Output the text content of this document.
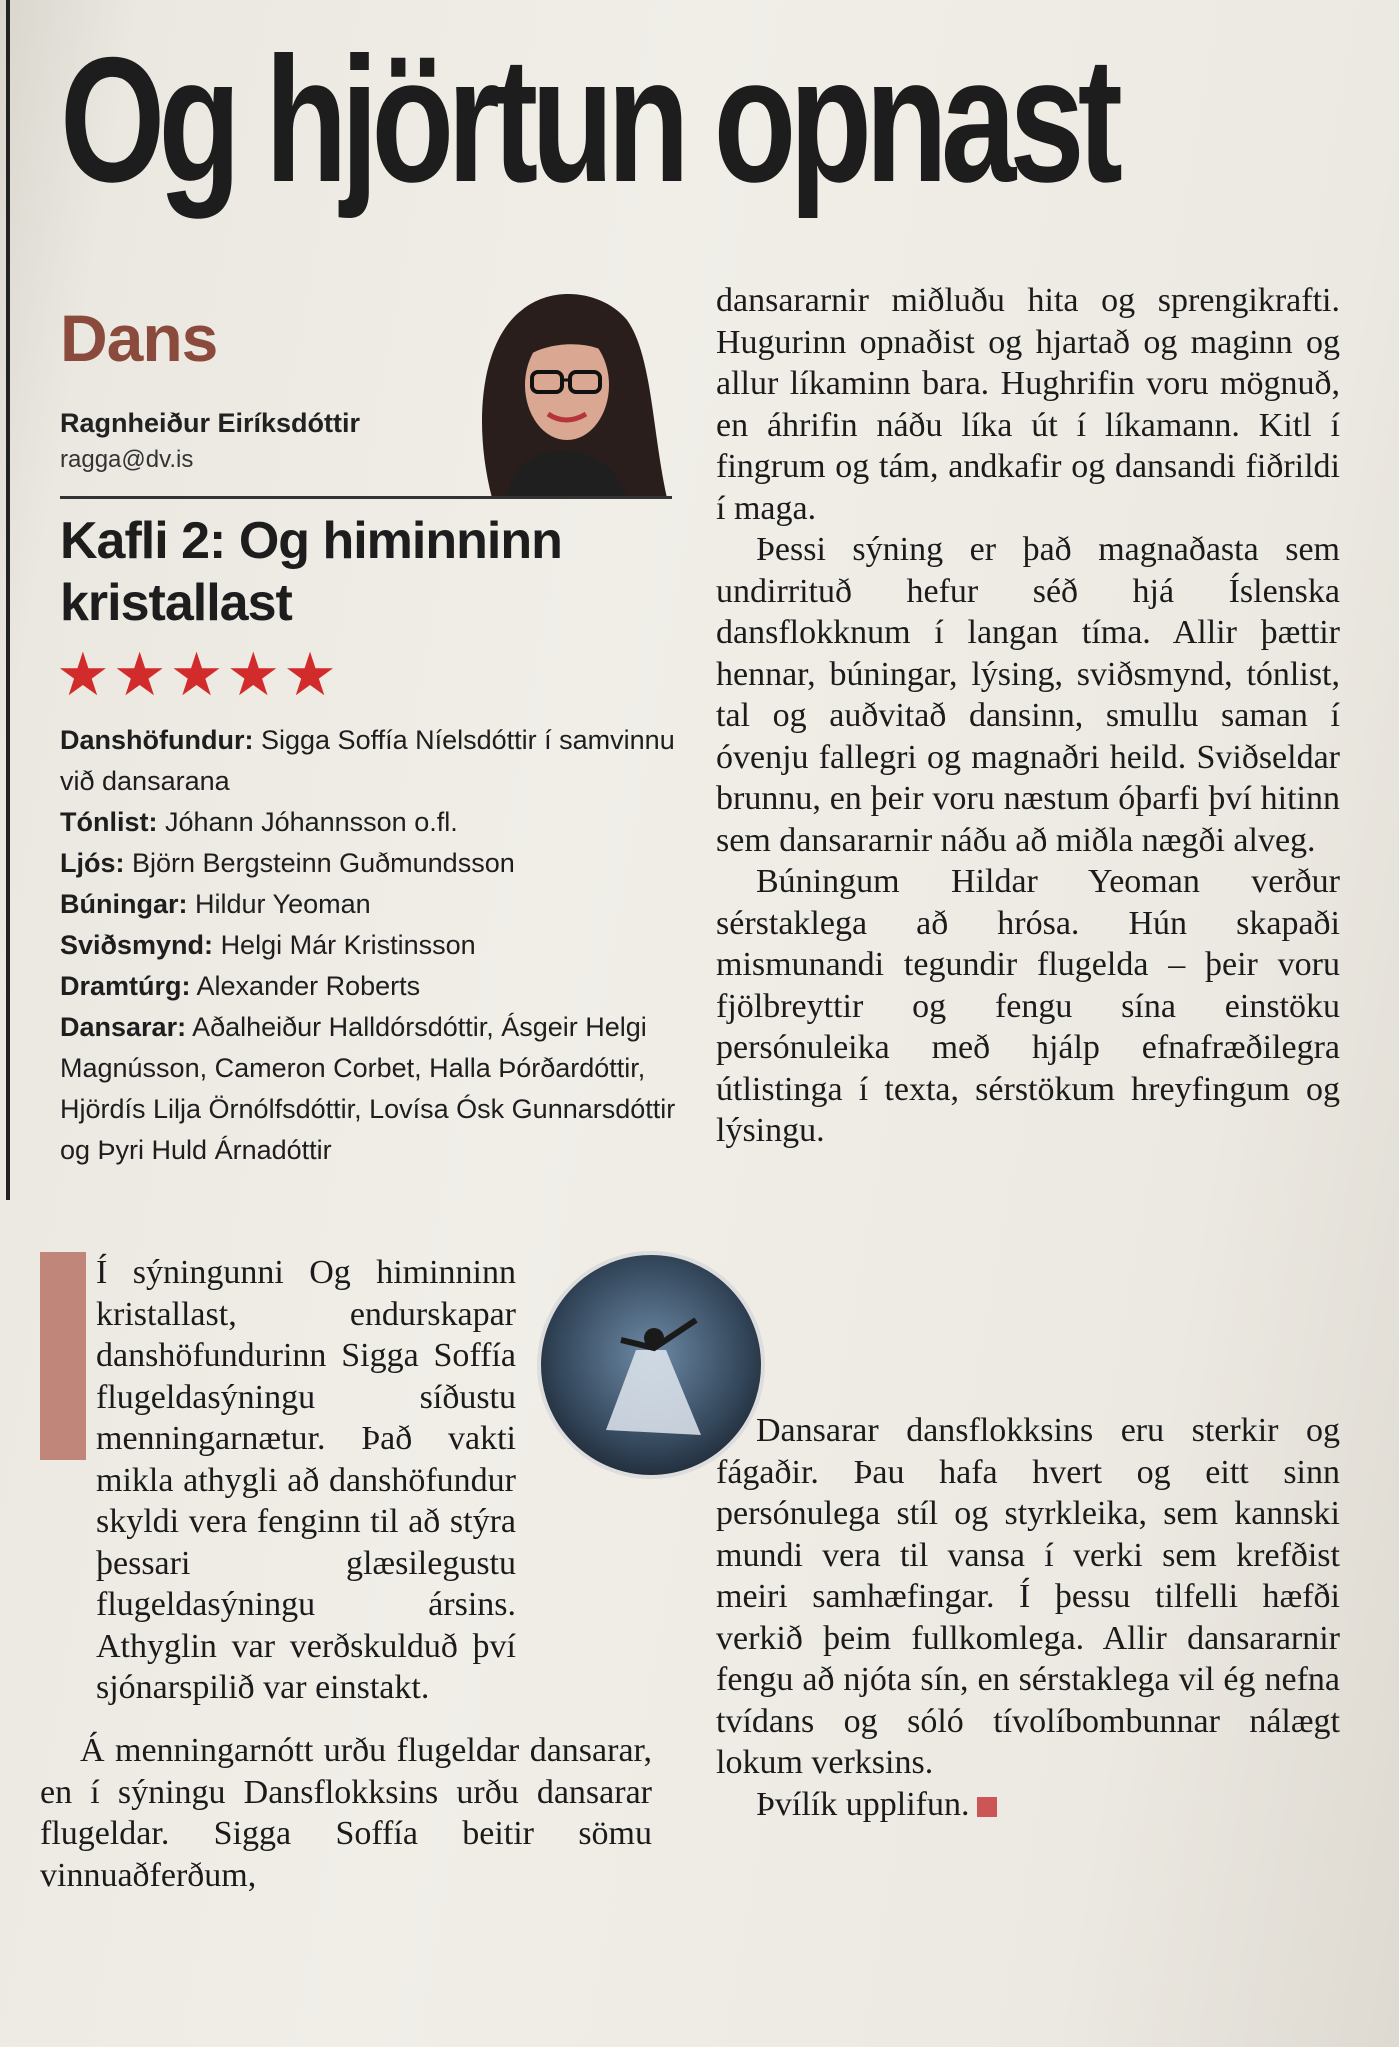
Og hjörtun opnast
Dans
Ragnheiður Eiríksdóttir
ragga@dv.is
Kafli 2: Og himinninn kristallast
★★★★★
Danshöfundur: Sigga Soffía Níelsdóttir í samvinnu við dansarana
Tónlist: Jóhann Jóhannsson o.fl.
Ljós: Björn Bergsteinn Guðmundsson
Búningar: Hildur Yeoman
Sviðsmynd: Helgi Már Kristinsson
Dramtúrg: Alexander Roberts
Dansarar: Aðalheiður Halldórsdóttir, Ásgeir Helgi Magnússon, Cameron Corbet, Halla Þórðardóttir, Hjördís Lilja Örnólfsdóttir, Lovísa Ósk Gunnarsdóttir og Þyri Huld Árnadóttir

Í sýningunni Og himinninn kristallast, endurskapar danshöfundurinn Sigga Soffía flugeldasýningu síðustu menningarnætur. Það vakti mikla athygli að danshöfundur skyldi vera fenginn til að stýra þessari glæsilegustu flugeldasýningu ársins. Athyglin var verðskulduð því sjónarspilið var einstakt.

Á menningarnótt urðu flugeldar dansarar, en í sýningu Dansflokksins urðu dansarar flugeldar. Sigga Soffía beitir sömu vinnuaðferðum,

dansararnir miðluðu hita og sprengikrafti. Hugurinn opnaðist og hjartað og maginn og allur líkaminn bara. Hughrifin voru mögnuð, en áhrifin náðu líka út í líkamann. Kitl í fingrum og tám, andkafir og dansandi fiðrildi í maga.

Þessi sýning er það magnaðasta sem undirrituð hefur séð hjá Íslenska dansflokknum í langan tíma. Allir þættir hennar, búningar, lýsing, sviðsmynd, tónlist, tal og auðvitað dansinn, smullu saman í óvenju fallegri og magnaðri heild. Sviðseldar brunnu, en þeir voru næstum óþarfi því hitinn sem dansararnir náðu að miðla nægði alveg.

Búningum Hildar Yeoman verður sérstaklega að hrósa. Hún skapaði mismunandi tegundir flugelda – þeir voru fjölbreyttir og fengu sína einstöku persónuleika með hjálp efnafræðilegra útlistinga í texta, sérstökum hreyfingum og lýsingu.

Dansarar dansflokksins eru sterkir og fágaðir. Þau hafa hvert og eitt sinn persónulega stíl og styrkleika, sem kannski mundi vera til vansa í verki sem krefðist meiri samhæfingar. Í þessu tilfelli hæfði verkið þeim fullkomlega. Allir dansararnir fengu að njóta sín, en sérstaklega vil ég nefna tvídans og sóló tívolíbombunnar nálægt lokum verksins.

Þvílík upplifun.
